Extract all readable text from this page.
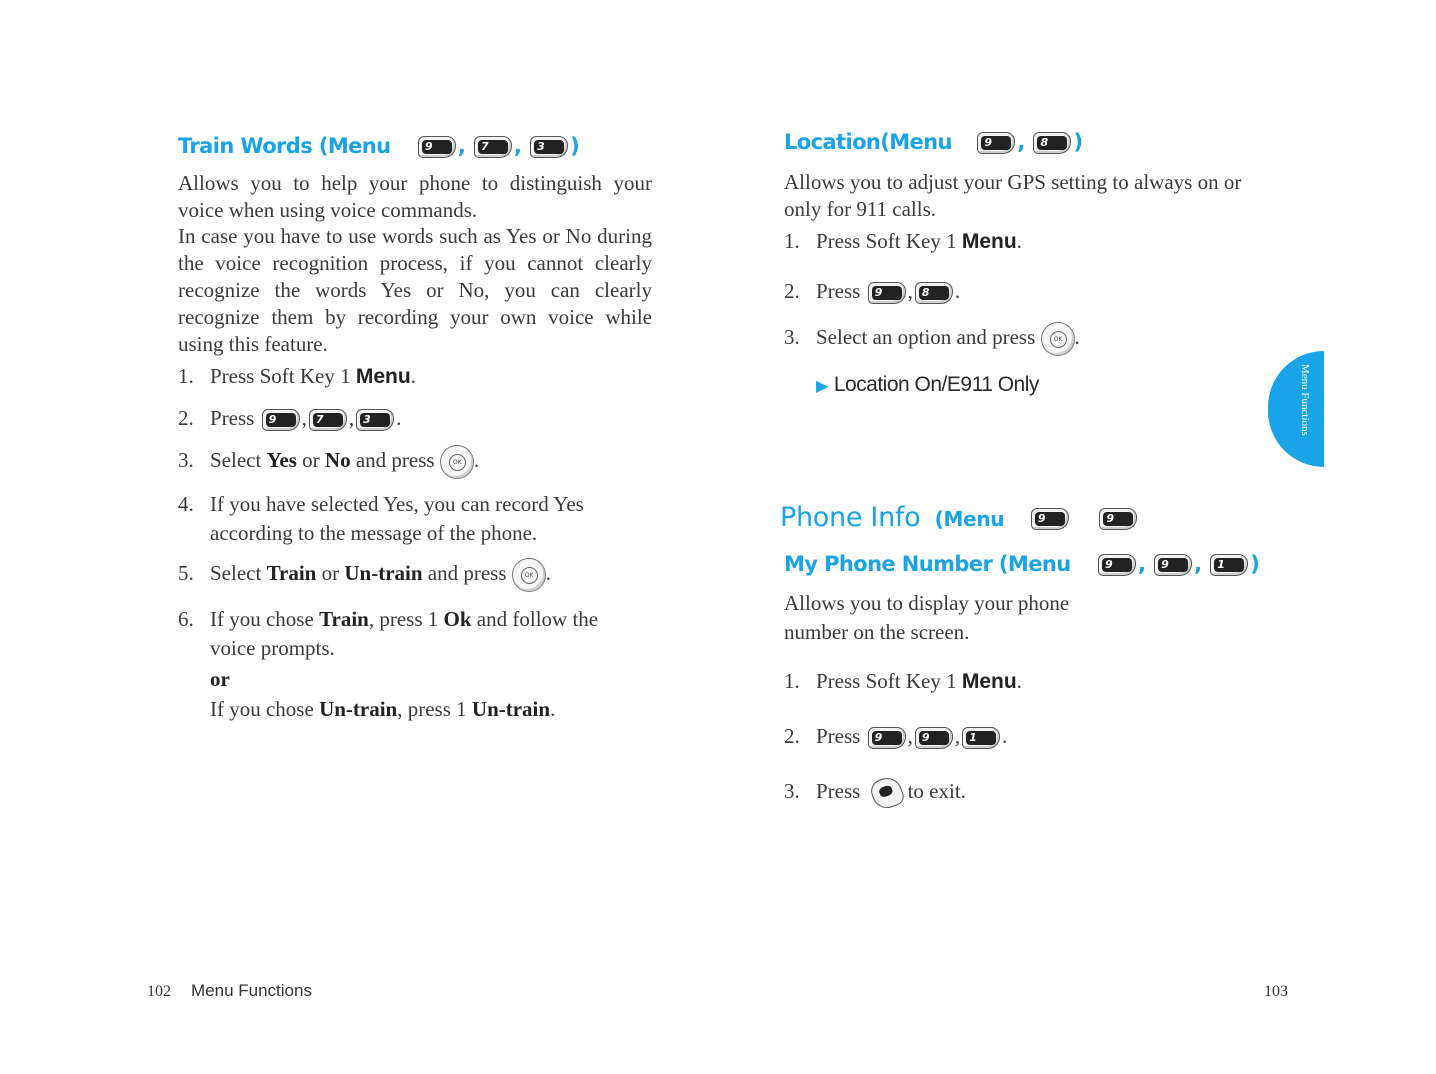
Train Words (Menu	9	, 7	, 3	)
Allows you to help your phone to distinguish your voice when using voice commands.
In case you have to use words such as Yes or No during the voice recognition process, if you cannot clearly recognize the words Yes or No, you can clearly recognize them by recording your own voice while using this feature.
1. Press Soft Key 1 Menu.
2. Press 9	, 7	, 3	.
3. Select Yes or No and press	OK .
4. If you have selected Yes, you can record Yes
according to the message of the phone.
5. Select Train or Un-train and press	OK .
6. If you chose Train, press 1 Ok and follow the
voice prompts.
or
If you chose Un-train, press 1 Un-train.
102 Menu Functions
Location(Menu	9	, 8	)
Allows you to adjust your GPS setting to always on or only for 911 calls.
1. Press Soft Key 1 Menu.
2. Press 9	, 8	.
3. Select an option and press	OK .
▶ Location On/E911 Only
Phone Info (Menu	9
	9
My Phone Number (Menu	9	, 9	, 1	)
Allows you to display your phone number on the screen.
1. Press Soft Key 1 Menu.
2. Press 9	, 9	, 1	.
3. Press to exit.
Menu Functions
103
